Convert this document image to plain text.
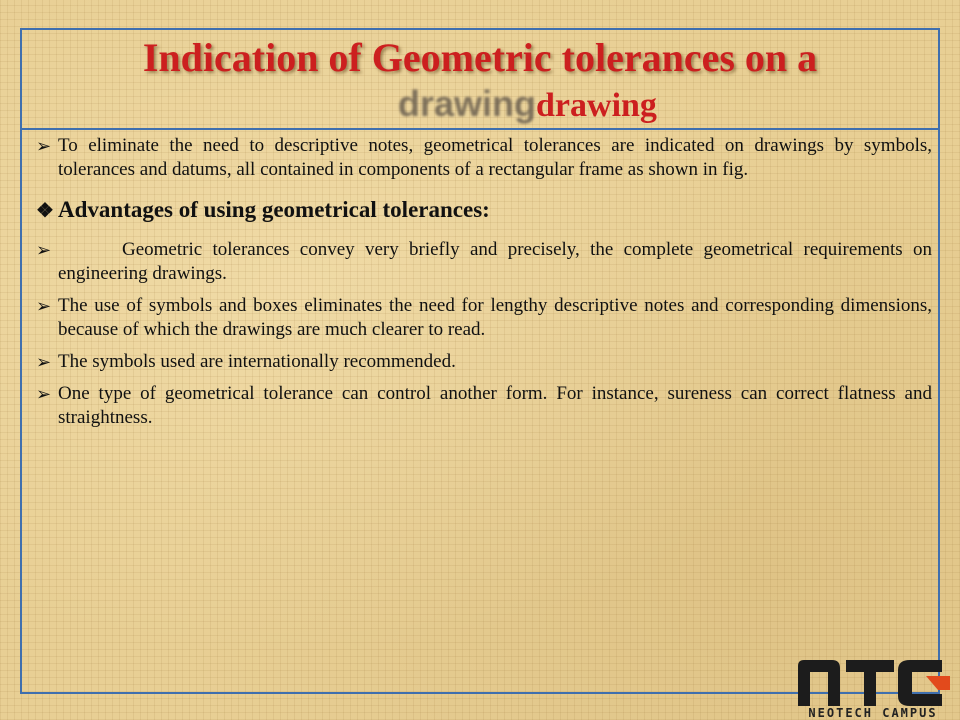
Indication of Geometric tolerances on a
drawingdrawing
➢ To eliminate the need to descriptive notes, geometrical tolerances are indicated on drawings by symbols, tolerances and datums, all contained in components of a rectangular frame as shown in fig.
❖ Advantages of using geometrical tolerances:
➢	Geometric tolerances convey very briefly and precisely, the complete geometrical requirements on engineering drawings.
➢ The use of symbols and boxes eliminates the need for lengthy descriptive notes and corresponding dimensions, because of which the drawings are much clearer to read.
➢ The symbols used are internationally recommended.
➢ One type of geometrical tolerance can control another form. For instance, sureness can correct flatness and straightness.
NEOTECH CAMPUS
